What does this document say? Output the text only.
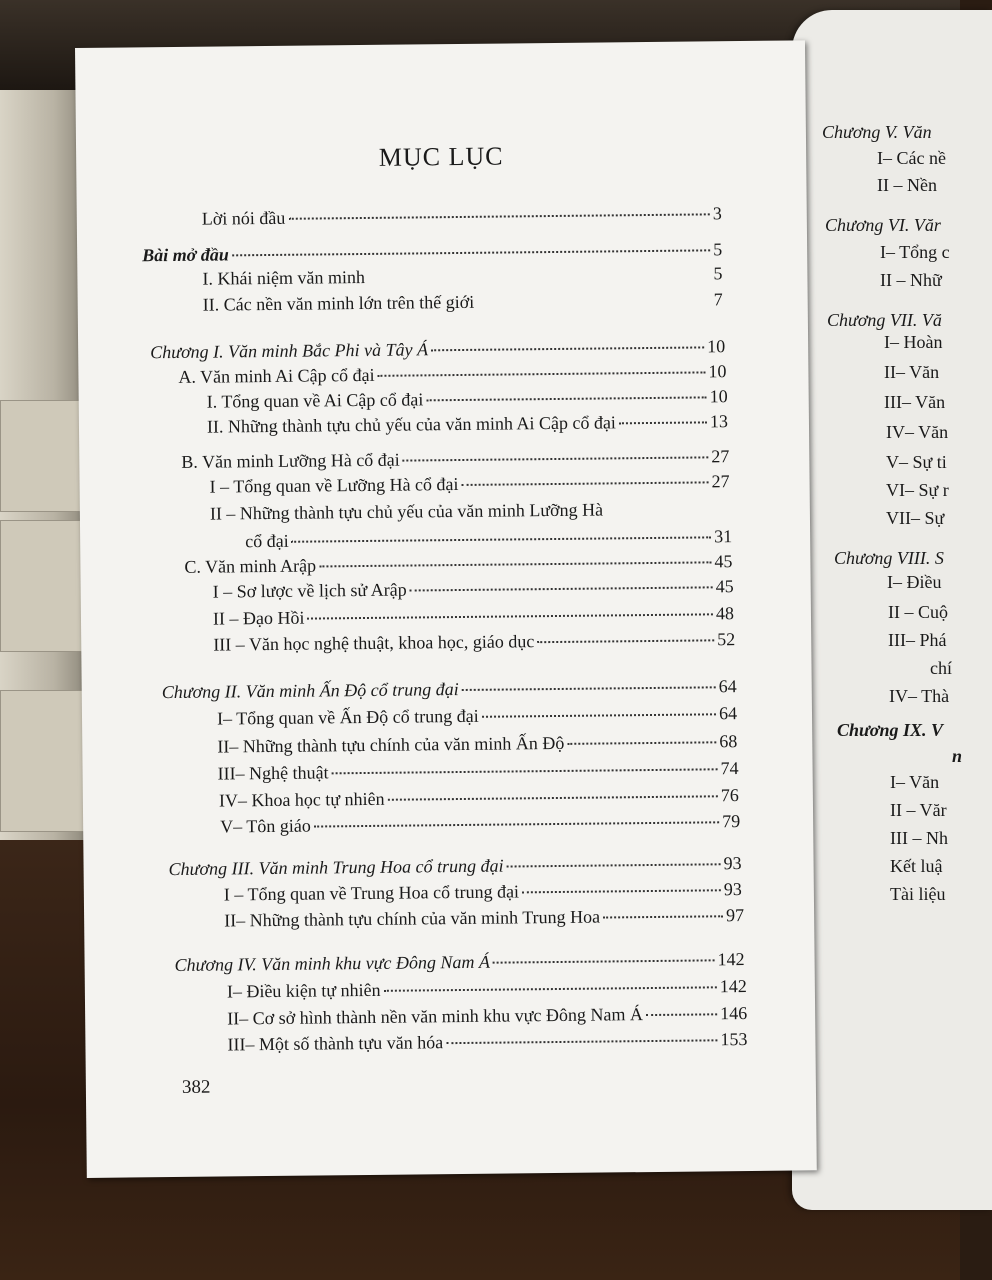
Chương V. Văn
I– Các nề
II – Nền
Chương VI. Văr
I– Tổng c
II – Nhữ
Chương VII. Vă
I– Hoàn
II– Văn
III– Văn
IV– Văn
V– Sự ti
VI– Sự r
VII– Sự
Chương VIII. S
I– Điều
II – Cuộ
III– Phá
chí
IV– Thà
Chương IX. V
n
I– Văn
II – Văr
III – Nh
Kết luậ
Tài liệu
MỤC LỤC
Lời nói đầu	3
Bài mở đầu	5
I. Khái niệm văn minh	5
II. Các nền văn minh lớn trên thế giới	7
Chương I. Văn minh Bắc Phi và Tây Á	10
A. Văn minh Ai Cập cổ đại	10
I. Tổng quan về Ai Cập cổ đại	10
II. Những thành tựu chủ yếu của văn minh Ai Cập cổ đại	13
B. Văn minh Lưỡng Hà cổ đại	27
I – Tổng quan về Lưỡng Hà cổ đại	27
II – Những thành tựu chủ yếu của văn minh Lưỡng Hà
cổ đại	31
C. Văn minh Arập	45
I – Sơ lược về lịch sử Arập	45
II – Đạo Hồi	48
III – Văn học nghệ thuật, khoa học, giáo dục	52
Chương II. Văn minh Ấn Độ cổ trung đại	64
I– Tổng quan về Ấn Độ cổ trung đại	64
II– Những thành tựu chính của văn minh Ấn Độ	68
III– Nghệ thuật	74
IV– Khoa học tự nhiên	76
V– Tôn giáo	79
Chương III. Văn minh Trung Hoa cổ trung đại	93
I – Tổng quan về Trung Hoa cổ trung đại	93
II– Những thành tựu chính của văn minh Trung Hoa	97
Chương IV. Văn minh khu vực Đông Nam Á	142
I– Điều kiện tự nhiên	142
II– Cơ sở hình thành nền văn minh khu vực Đông Nam Á	146
III– Một số thành tựu văn hóa	153
382
